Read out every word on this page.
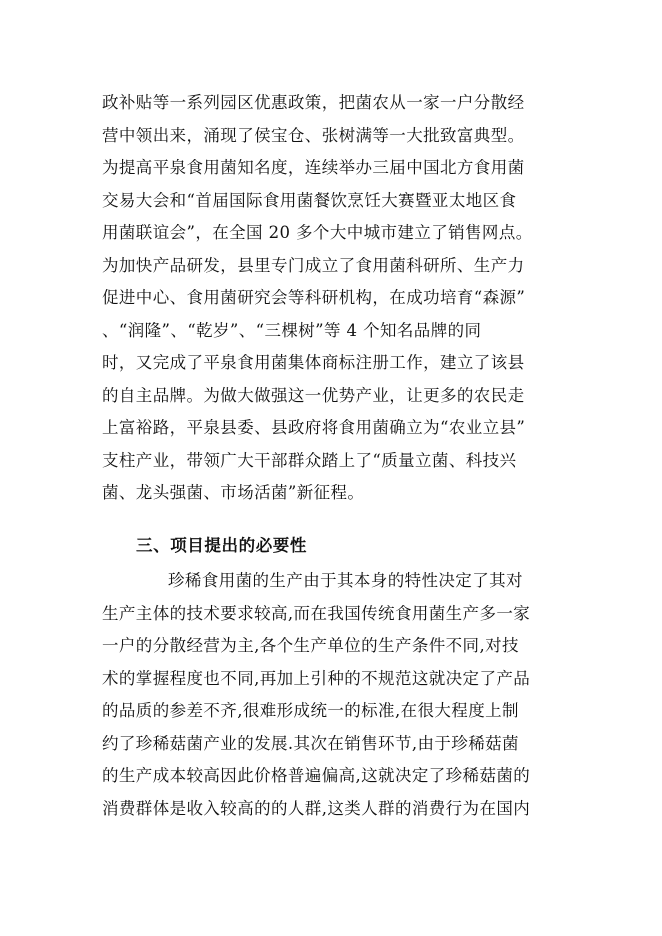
政补贴等一系列园区优惠政策，把菌农从一家一户分散经
营中领出来，涌现了侯宝仓、张树满等一大批致富典型。
为提高平泉食用菌知名度，连续举办三届中国北方食用菌
交易大会和“首届国际食用菌餐饮烹饪大赛暨亚太地区食
用菌联谊会”，在全国 20 多个大中城市建立了销售网点。
为加快产品研发，县里专门成立了食用菌科研所、生产力
促进中心、食用菌研究会等科研机构，在成功培育“森源”
、“润隆”、“乾岁”、“三棵树”等 4 个知名品牌的同
时，又完成了平泉食用菌集体商标注册工作，建立了该县
的自主品牌。为做大做强这一优势产业，让更多的农民走
上富裕路，平泉县委、县政府将食用菌确立为“农业立县”
支柱产业，带领广大干部群众踏上了“质量立菌、科技兴
菌、龙头强菌、市场活菌”新征程。
三、项目提出的必要性
珍稀食用菌的生产由于其本身的特性决定了其对
生产主体的技术要求较高,而在我国传统食用菌生产多一家
一户的分散经营为主,各个生产单位的生产条件不同,对技
术的掌握程度也不同,再加上引种的不规范这就决定了产品
的品质的参差不齐,很难形成统一的标准,在很大程度上制
约了珍稀菇菌产业的发展.其次在销售环节,由于珍稀菇菌
的生产成本较高因此价格普遍偏高,这就决定了珍稀菇菌的
消费群体是收入较高的的人群,这类人群的消费行为在国内
